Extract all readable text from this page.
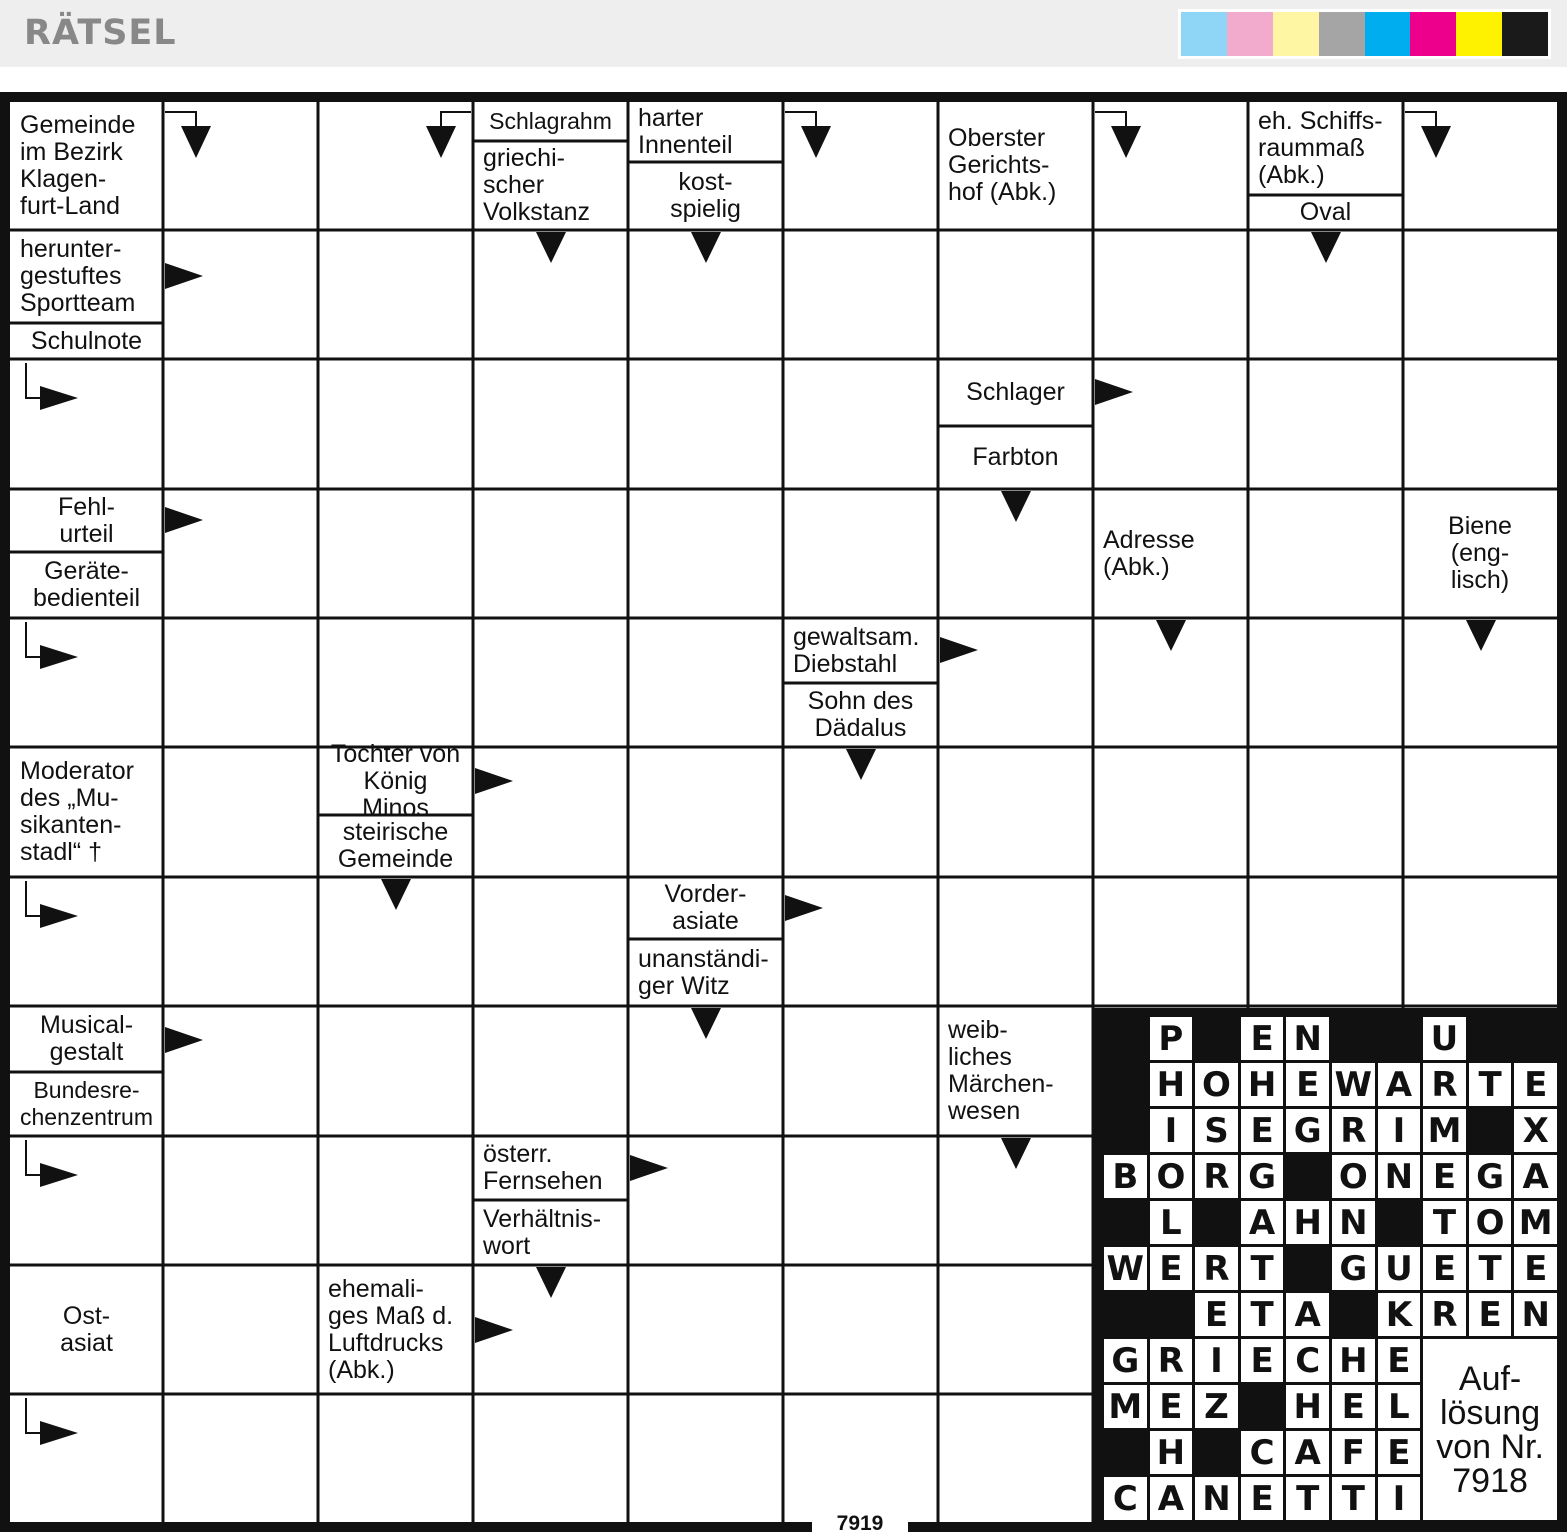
RÄTSEL
Gemeinde
im Bezirk
Klagen-
furt-Land
Schlagrahm
griechi-
scher
Volkstanz
harter
Innenteil
kost-
spielig
Oberster
Gerichts-
hof (Abk.)
eh. Schiffs-
raummaß
(Abk.)
Oval
herunter-
gestuftes
Sportteam
Schulnote
Schlager
Farbton
Fehl-
urteil
Geräte-
bedienteil
Adresse
(Abk.)
Biene
(eng-
lisch)
gewaltsam.
Diebstahl
Sohn des
Dädalus
Moderator
des „Mu-
sikanten-
stadl“ †
Tochter von
König Minos
steirische
Gemeinde
Vorder-
asiate
unanständi-
ger Witz
Musical-
gestalt
Bundesre-
chenzentrum
weib-
liches
Märchen-
wesen
österr.
Fernsehen
Verhältnis-
wort
Ost-
asiat
ehemali-
ges Maß d.
Luftdrucks
(Abk.)
7919
Auf-
lösung
von Nr.
7918
P E N	U
H O H E W A R T E
I S E G R I M X
B O R G O N E G A
L	A H N T O M
W E R T G U E T E
E T A K R E N
G R I E C H E
M E Z H E L
H C A F E
C A N E T T I
